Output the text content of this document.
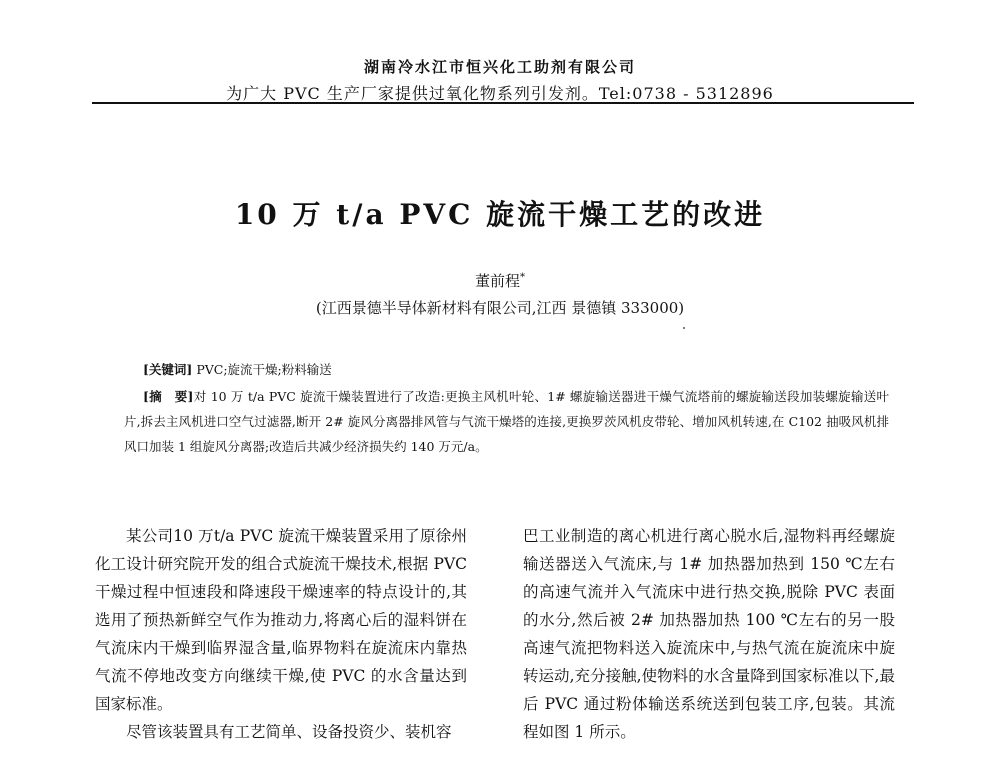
湖南冷水江市恒兴化工助剂有限公司
为广大 PVC 生产厂家提供过氧化物系列引发剂。Tel:0738 - 5312896
10 万 t/a PVC 旋流干燥工艺的改进
董前程*
(江西景德半导体新材料有限公司,江西 景德镇 333000)
[关键词] PVC;旋流干燥;粉料输送
[摘　要]对 10 万 t/a PVC 旋流干燥装置进行了改造:更换主风机叶轮、1# 螺旋输送器进干燥气流塔前的螺旋输送段加装螺旋输送叶片,拆去主风机进口空气过滤器,断开 2# 旋风分离器排风管与气流干燥塔的连接,更换罗茨风机皮带轮、增加风机转速,在 C102 抽吸风机排风口加装 1 组旋风分离器;改造后共减少经济损失约 140 万元/a。

某公司10 万t/a PVC 旋流干燥装置采用了原徐州化工设计研究院开发的组合式旋流干燥技术,根据 PVC 干燥过程中恒速段和降速段干燥速率的特点设计的,其选用了预热新鲜空气作为推动力,将离心后的湿料饼在气流床内干燥到临界湿含量,临界物料在旋流床内靠热气流不停地改变方向继续干燥,使 PVC 的水含量达到国家标准。

尽管该装置具有工艺简单、设备投资少、装机容

巴工业制造的离心机进行离心脱水后,湿物料再经螺旋输送器送入气流床,与 1# 加热器加热到 150 ℃左右的高速气流并入气流床中进行热交换,脱除 PVC 表面的水分,然后被 2# 加热器加热 100 ℃左右的另一股高速气流把物料送入旋流床中,与热气流在旋流床中旋转运动,充分接触,使物料的水含量降到国家标准以下,最后 PVC 通过粉体输送系统送到包装工序,包装。其流程如图 1 所示。
